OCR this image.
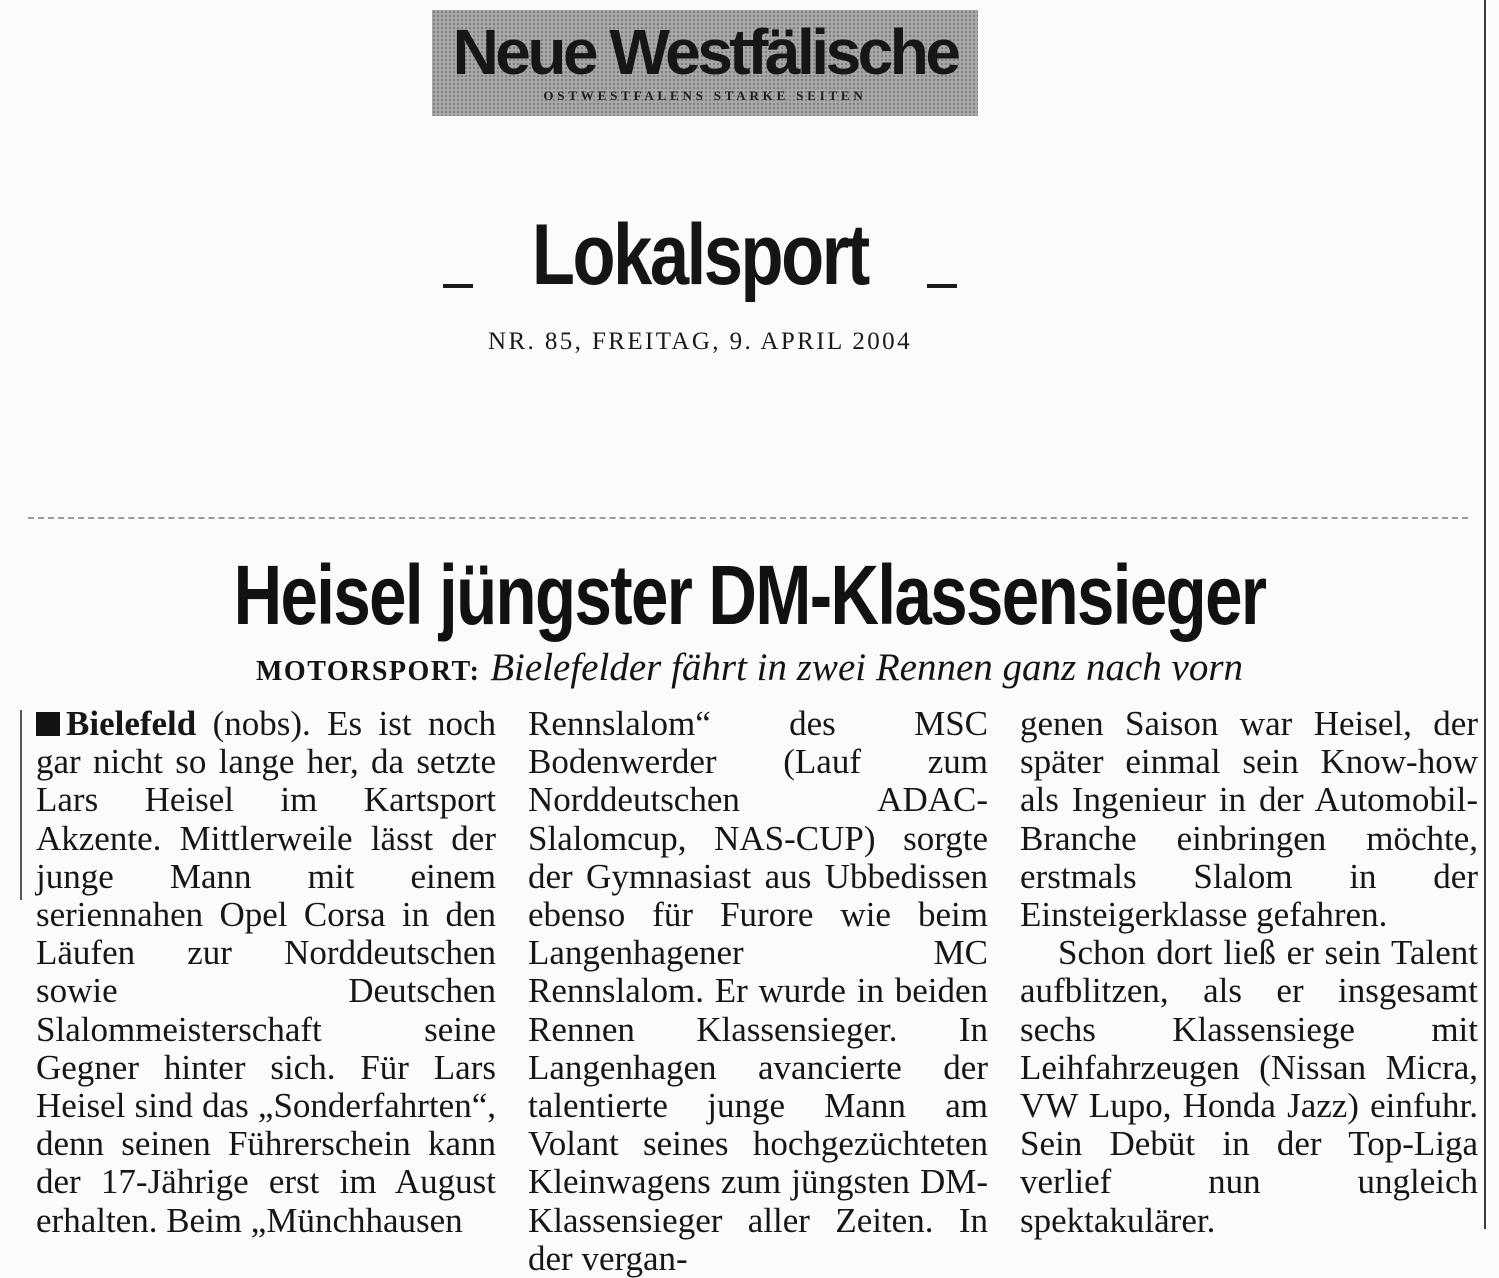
Neue Westfälische
OSTWESTFALENS STARKE SEITEN
Lokalsport
NR. 85, FREITAG, 9. APRIL 2004
Heisel jüngster DM-Klassensieger
MOTORSPORT: Bielefelder fährt in zwei Rennen ganz nach vorn

Bielefeld (nobs). Es ist noch gar nicht so lange her, da setzte Lars Heisel im Kartsport Akzente. Mittlerweile lässt der junge Mann mit einem seriennahen Opel Corsa in den Läufen zur Norddeutschen sowie Deutschen Slalommeisterschaft seine Gegner hinter sich. Für Lars Heisel sind das „Sonderfahrten“, denn seinen Führerschein kann der 17-Jährige erst im August erhalten. Beim „Münchhausen

Rennslalom“ des MSC Bodenwerder (Lauf zum Norddeutschen ADAC-Slalomcup, NAS-CUP) sorgte der Gymnasiast aus Ubbedissen ebenso für Furore wie beim Langenhagener MC Rennslalom. Er wurde in beiden Rennen Klassensieger. In Langenhagen avancierte der talentierte junge Mann am Volant seines hochgezüchteten Kleinwagens zum jüngsten DM-Klassensieger aller Zeiten. In der vergan-

genen Saison war Heisel, der später einmal sein Know-how als Ingenieur in der Automobil-Branche einbringen möchte, erstmals Slalom in der Einsteigerklasse gefahren.

Schon dort ließ er sein Talent aufblitzen, als er insgesamt sechs Klassensiege mit Leihfahrzeugen (Nissan Micra, VW Lupo, Honda Jazz) einfuhr. Sein Debüt in der Top-Liga verlief nun ungleich spektakulärer.
